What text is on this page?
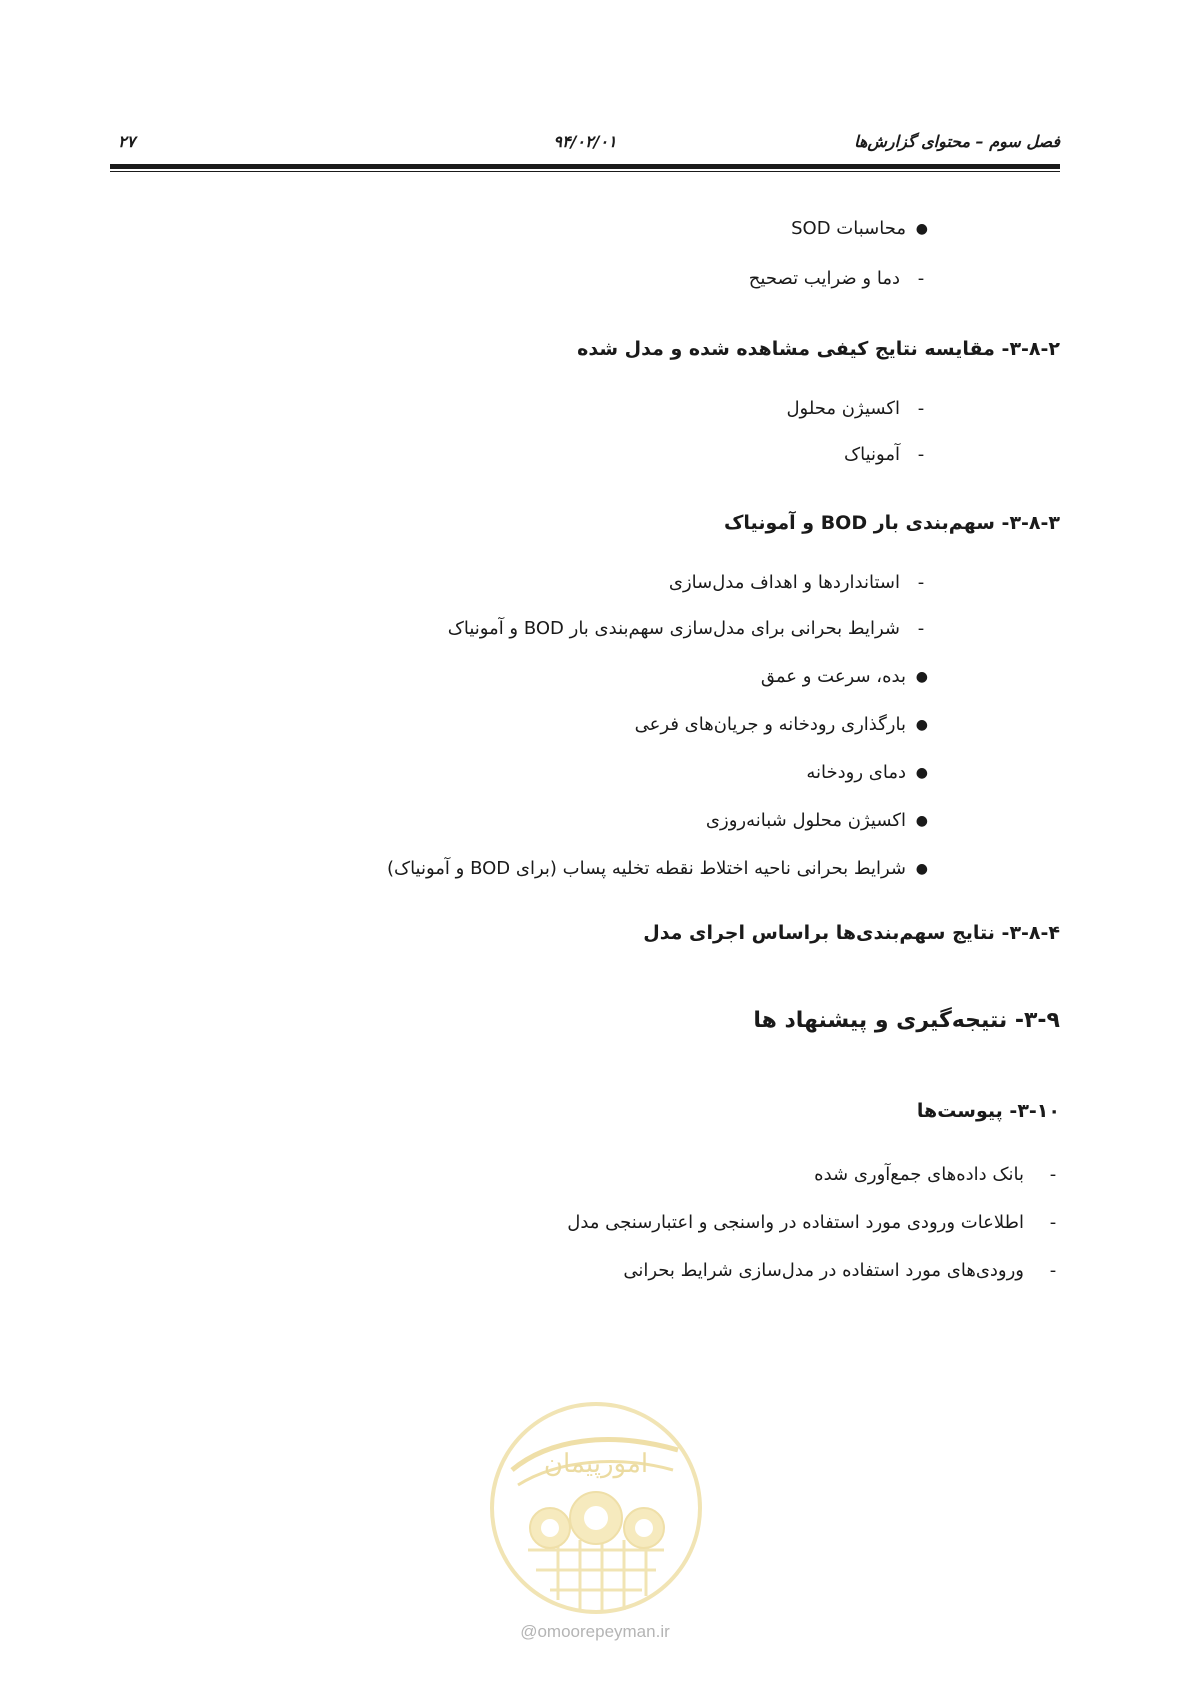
فصل سوم – محتوای گزارش‌ها
۹۴/۰۲/۰۱
۲۷
●
محاسبات SOD
-
دما و ضرایب تصحیح
۳-۸-۲- مقایسه نتایج کیفی مشاهده شده و مدل شده
-
اکسیژن محلول
-
آمونیاک
۳-۸-۳- سهم‌بندی بار BOD و آمونیاک
-
استانداردها و اهداف مدل‌سازی
-
شرایط بحرانی برای مدل‌سازی سهم‌بندی بار BOD و آمونیاک
●
بده، سرعت و عمق
●
بارگذاری رودخانه و جریان‌های فرعی
●
دمای رودخانه
●
اکسیژن محلول شبانه‌روزی
●
شرایط بحرانی ناحیه اختلاط نقطه تخلیه پساب (برای BOD و آمونیاک)
۳-۸-۴- نتایج سهم‌بندی‌ها براساس اجرای مدل
۳-۹- نتیجه‌گیری و پیشنهاد ها
۳-۱۰- پیوست‌ها
-
بانک داده‌های جمع‌آوری شده
-
اطلاعات ورودی مورد استفاده در واسنجی و اعتبارسنجی مدل
-
ورودی‌های مورد استفاده در مدل‌سازی شرایط بحرانی
امورپیمان
@omoorepeyman.ir
